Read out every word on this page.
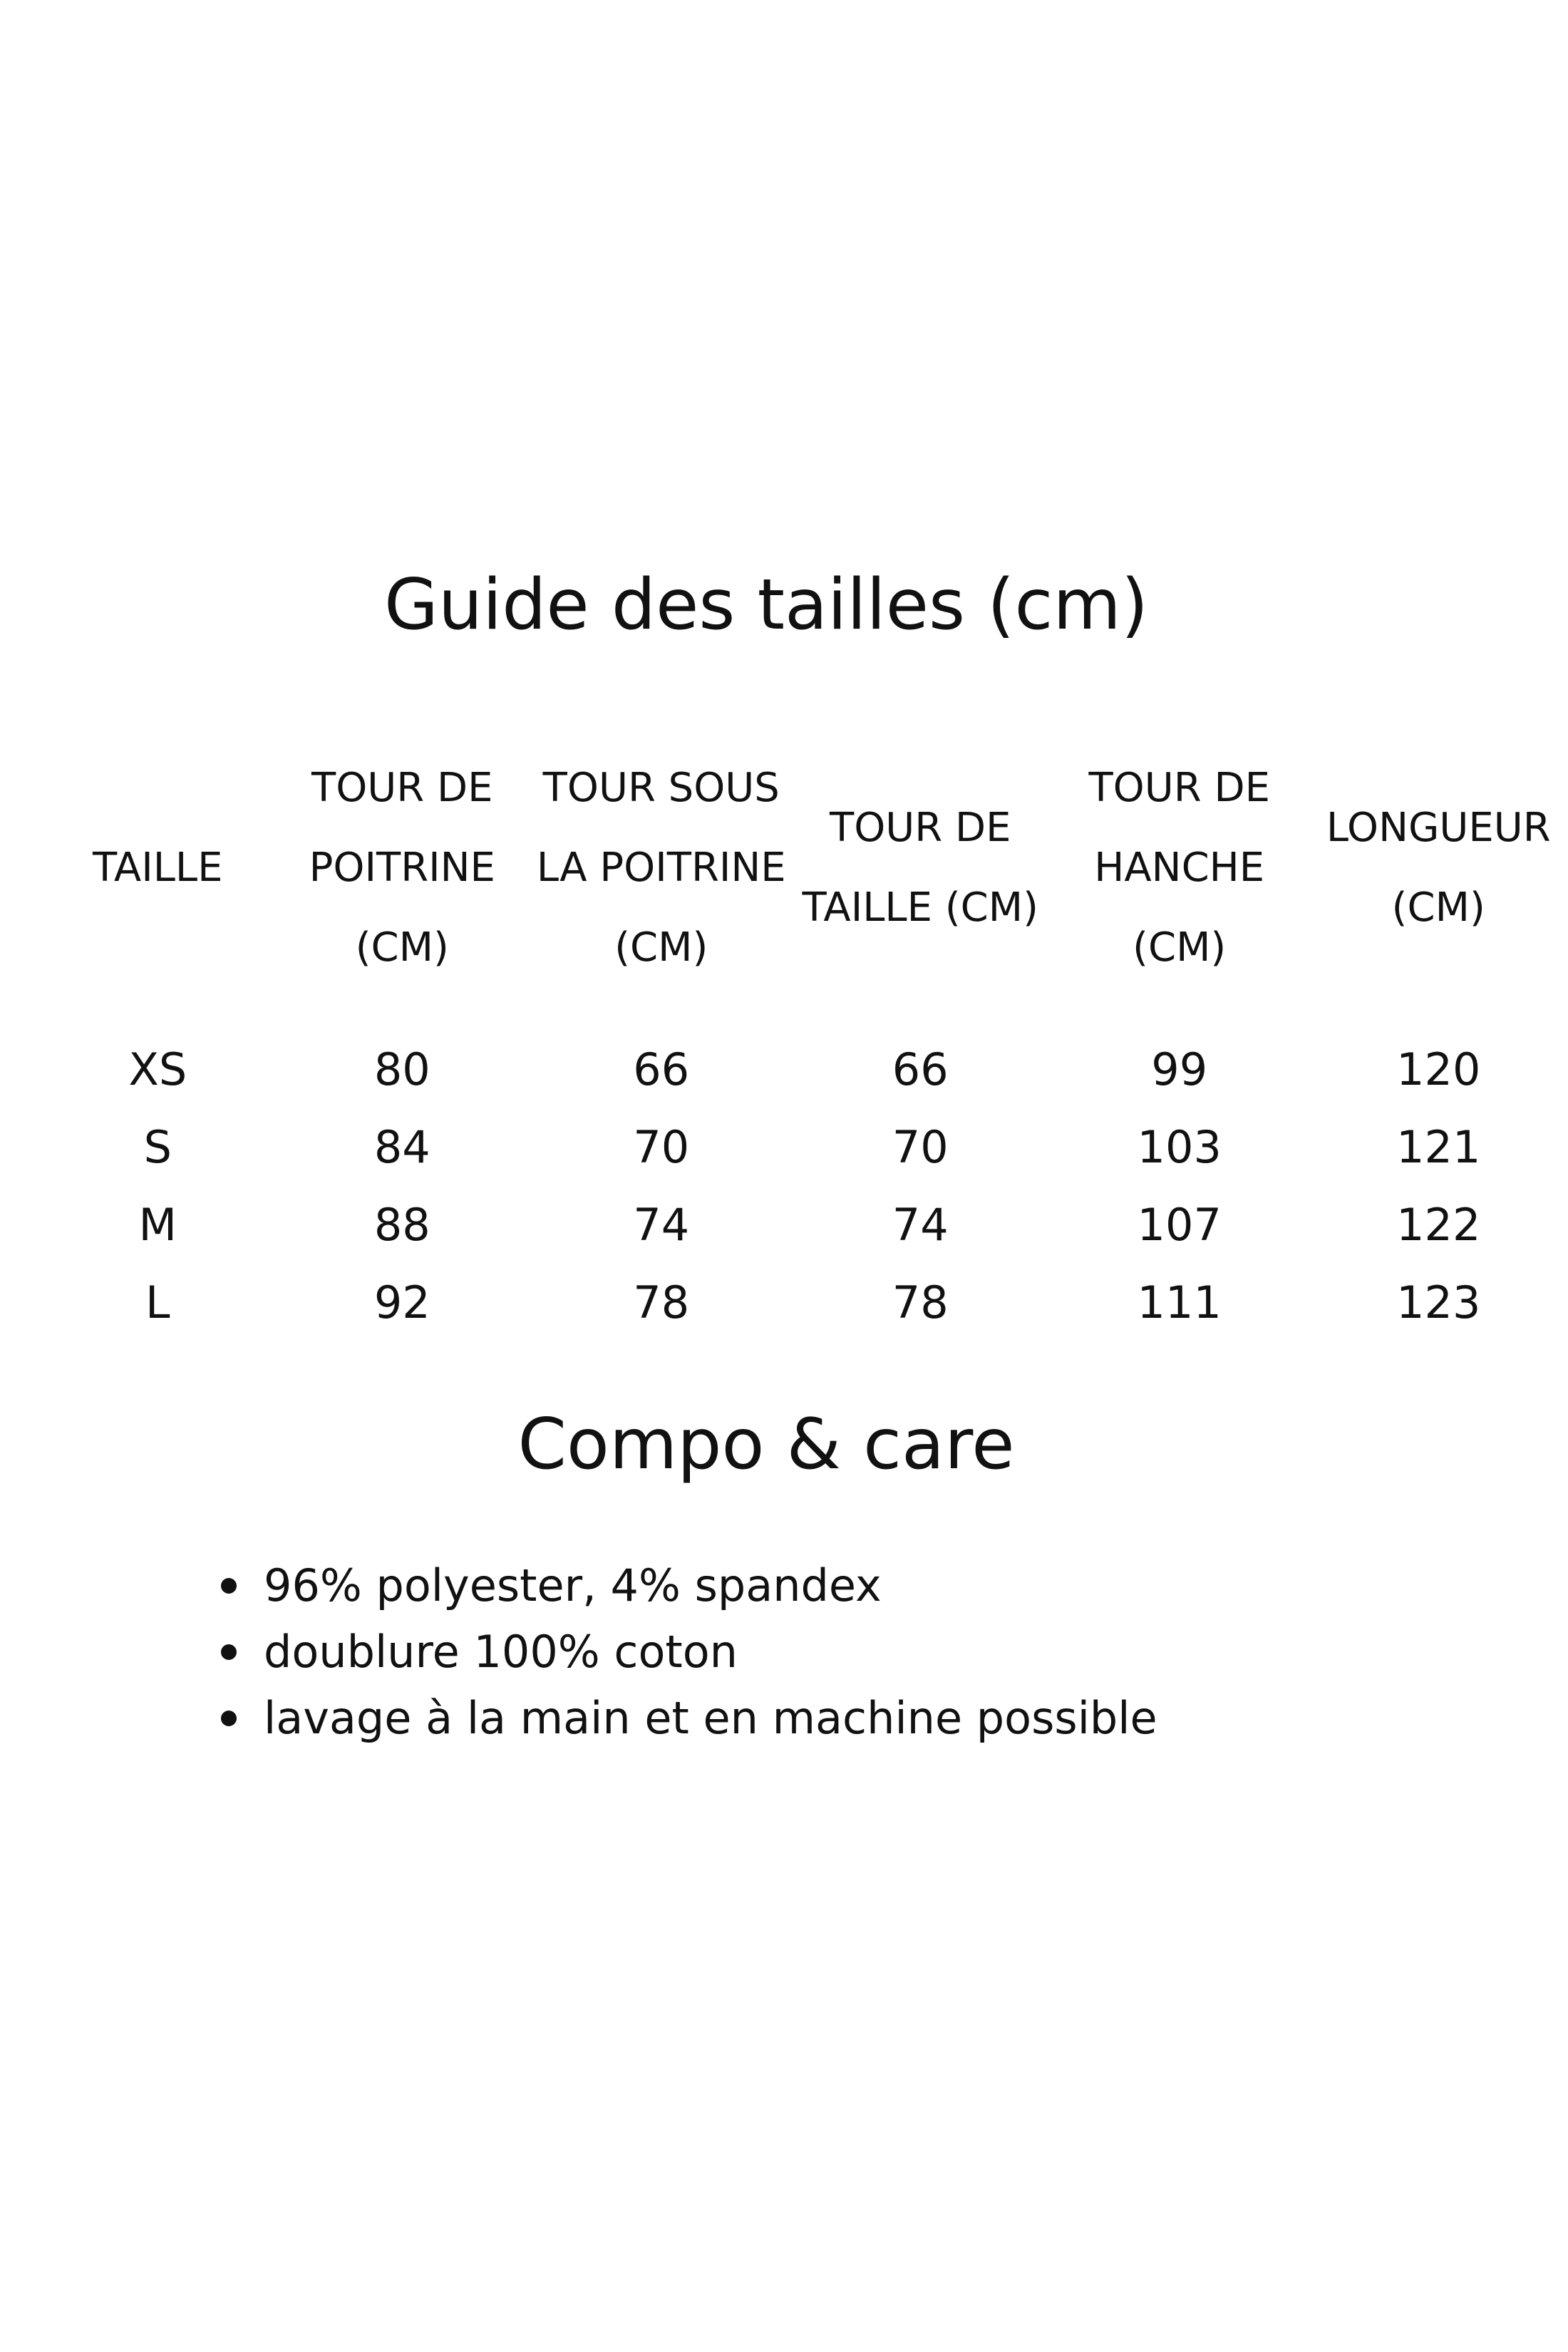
Guide des tailles (cm)
TAILLE	TOUR DE POITRINE (CM)	TOUR SOUS LA POITRINE (CM)	TOUR DE TAILLE (CM)	TOUR DE HANCHE (CM)	LONGUEUR (CM)
XS	80	66	66	99	120
S	84	70	70	103	121
M	88	74	74	107	122
L	92	78	78	111	123
Compo & care
96% polyester, 4% spandex
doublure 100% coton
lavage à la main et en machine possible
